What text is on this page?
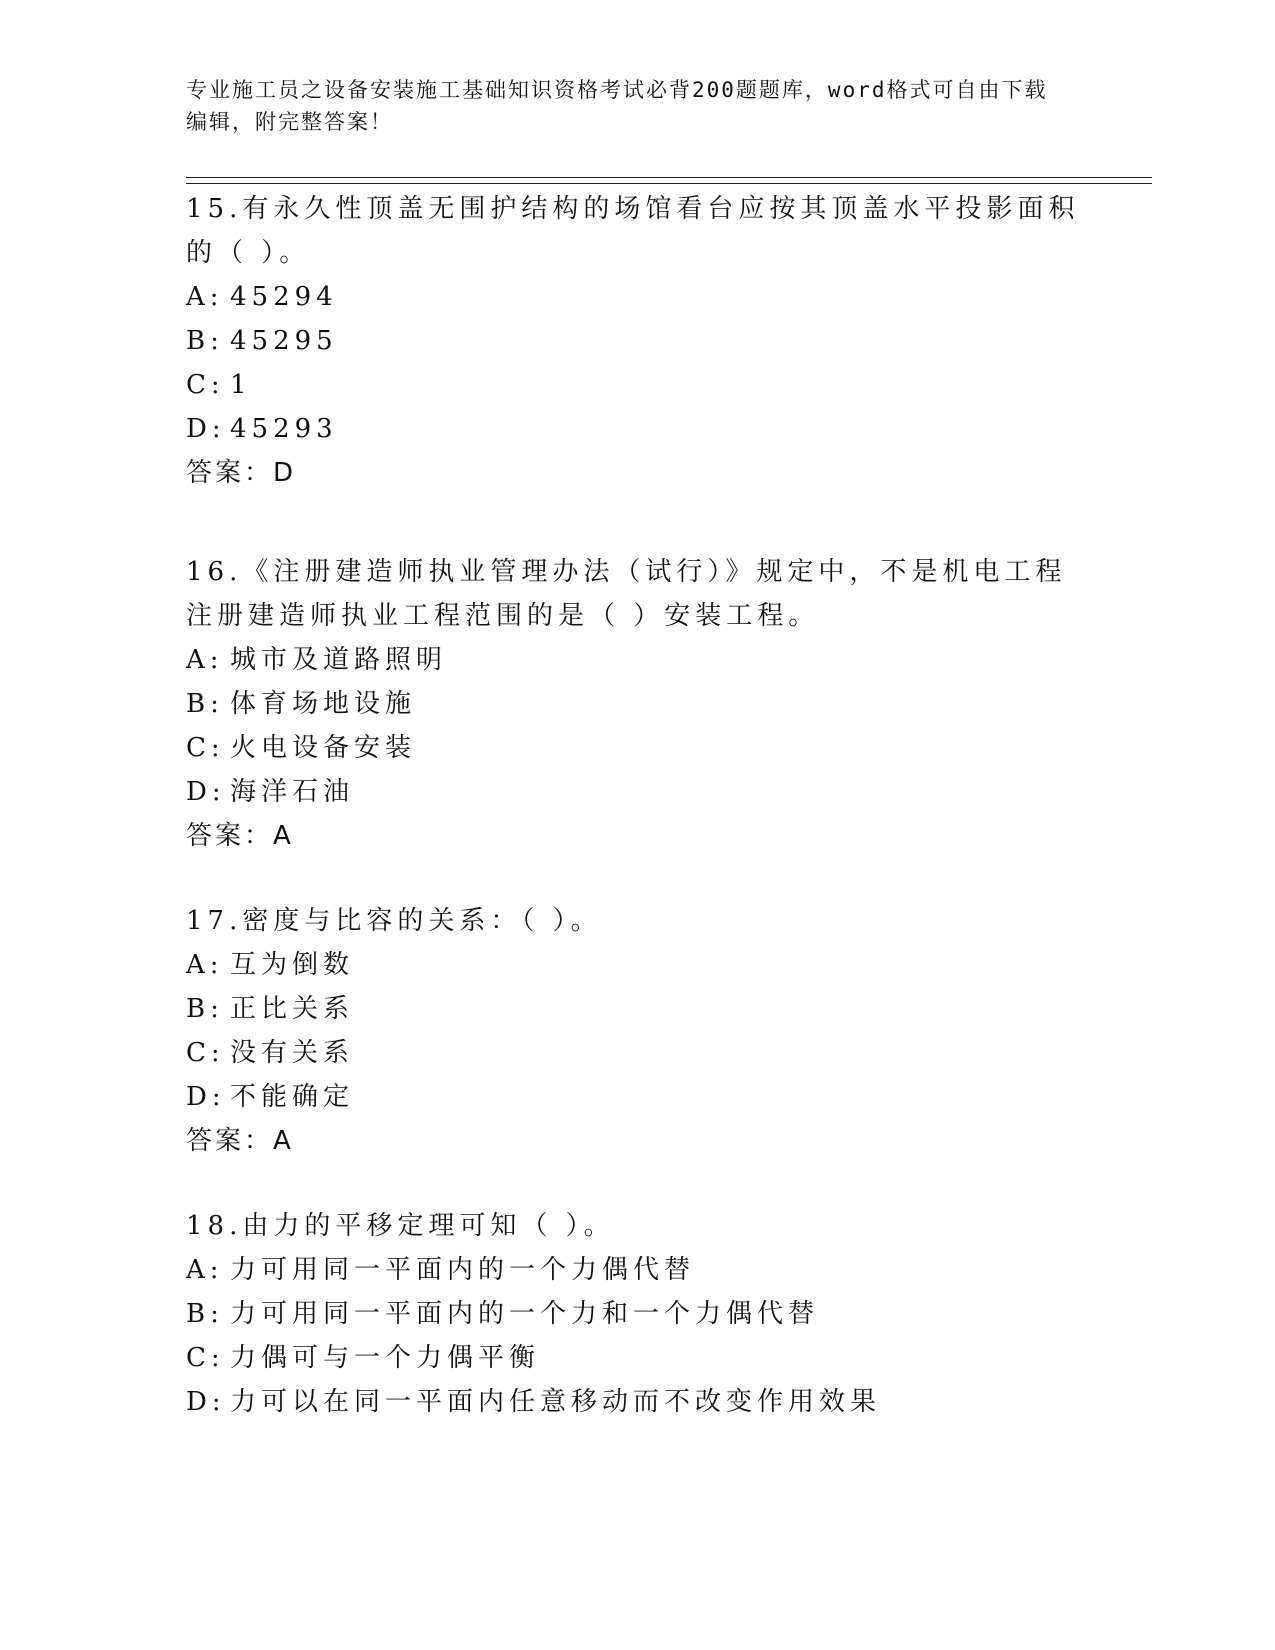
专业施工员之设备安装施工基础知识资格考试必背200题题库，word格式可自由下载编辑，附完整答案！

15.有永久性顶盖无围护结构的场馆看台应按其顶盖水平投影面积的（ ）。

A: 45294

B: 45295

C: 1

D: 45293

答案：D

16.《注册建造师执业管理办法（试行）》规定中，不是机电工程注册建造师执业工程范围的是（ ）安装工程。

A: 城市及道路照明

B: 体育场地设施

C: 火电设备安装

D: 海洋石油

答案：A

17.密度与比容的关系：（ ）。

A: 互为倒数

B: 正比关系

C: 没有关系

D: 不能确定

答案：A

18.由力的平移定理可知（ ）。

A: 力可用同一平面内的一个力偶代替

B: 力可用同一平面内的一个力和一个力偶代替

C: 力偶可与一个力偶平衡

D: 力可以在同一平面内任意移动而不改变作用效果
